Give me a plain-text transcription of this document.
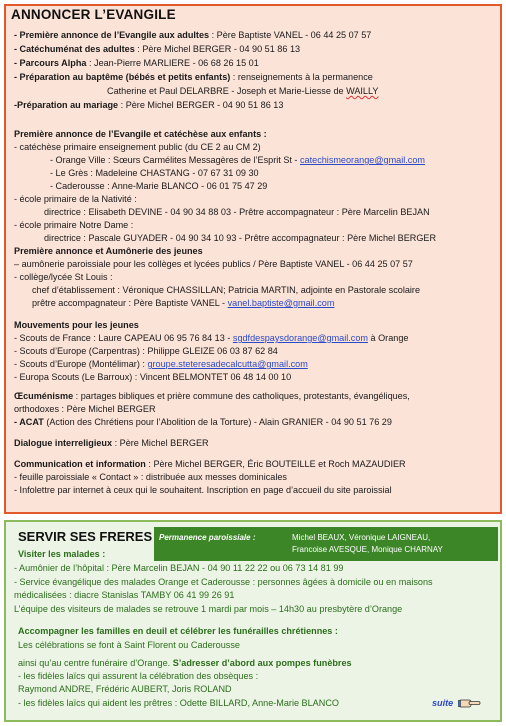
ANNONCER L’EVANGILE
- Première annonce de l’Evangile aux adultes : Père Baptiste VANEL - 06 44 25 07 57
- Catéchuménat des adultes : Père Michel BERGER - 04 90 51 86 13
- Parcours Alpha : Jean-Pierre MARLIERE - 06 68 26 15 01
- Préparation au baptême (bébés et petits enfants) : renseignements à la permanence
Catherine et Paul DELARBRE - Joseph et Marie-Liesse de WAILLY
-Préparation au mariage : Père Michel BERGER - 04 90 51 86 13
Première annonce de l’Evangile et catéchèse aux enfants :
- catéchèse primaire enseignement public (du CE 2 au CM 2)
- Orange Ville : Sœurs Carmélites Messagères de l’Esprit St - catechismeorange@gmail.com
- Le Grès : Madeleine CHASTANG - 07 67 31 09 30
- Caderousse : Anne-Marie BLANCO - 06 01 75 47 29
- école primaire de la Nativité :
directrice : Elisabeth DEVINE - 04 90 34 88 03 - Prêtre accompagnateur : Père Marcelin BEJAN
- école primaire Notre Dame :
directrice : Pascale GUYADER - 04 90 34 10 93 - Prêtre accompagnateur : Père Michel BERGER
Première annonce et Aumônerie des jeunes
– aumônerie paroissiale pour les collèges et lycées publics / Père Baptiste VANEL - 06 44 25 07 57
- collège/lycée St Louis :
chef d’établissement : Véronique CHASSILLAN; Patricia MARTIN, adjointe en Pastorale scolaire
prêtre accompagnateur : Père Baptiste VANEL - vanel.baptiste@gmail.com
Mouvements pour les jeunes
- Scouts de France : Laure CAPEAU 06 95 76 84 13 - sgdfdespaysdorange@gmail.com à Orange
- Scouts d’Europe (Carpentras) : Philippe GLEIZE 06 03 87 62 84
- Scouts d’Europe (Montélimar) : groupe.steteresadecalcutta@gmail.com
- Europa Scouts (Le Barroux) : Vincent BELMONTET 06 48 14 00 10
Œcuménisme : partages bibliques et prière commune des catholiques, protestants, évangéliques,
orthodoxes : Père Michel BERGER
- ACAT (Action des Chrétiens pour l’Abolition de la Torture) - Alain GRANIER - 04 90 51 76 29
Dialogue interreligieux : Père Michel BERGER
Communication et information : Père Michel BERGER, Éric BOUTEILLE et Roch MAZAUDIER
- feuille paroissiale « Contact » : distribuée aux messes dominicales
- Infolettre par internet à ceux qui le souhaitent. Inscription en page d’accueil du site paroissial
SERVIR SES FRERES Permanence paroissiale :	Michel BEAUX, Véronique LAIGNEAU,
Francoise AVESQUE, Monique CHARNAY
Visiter les malades :
- Aumônier de l’hôpital : Père Marcelin BEJAN - 04 90 11 22 22 ou 06 73 14 81 99
- Service évangélique des malades Orange et Caderousse : personnes âgées à domicile ou en maisons
médicalisées : diacre Stanislas TAMBY 06 41 99 26 91
L’équipe des visiteurs de malades se retrouve 1 mardi par mois – 14h30 au presbytère d’Orange
Accompagner les familles en deuil et célébrer les funérailles chrétiennes :
Les célébrations se font à Saint Florent ou Caderousse
ainsi qu’au centre funéraire d’Orange. S’adresser d’abord aux pompes funèbres
- les fidèles laïcs qui assurent la célébration des obsèques :
Raymond ANDRE, Frédéric AUBERT, Joris ROLAND
- les fidèles laïcs qui aident les prêtres : Odette BILLARD, Anne-Marie BLANCO	suite
